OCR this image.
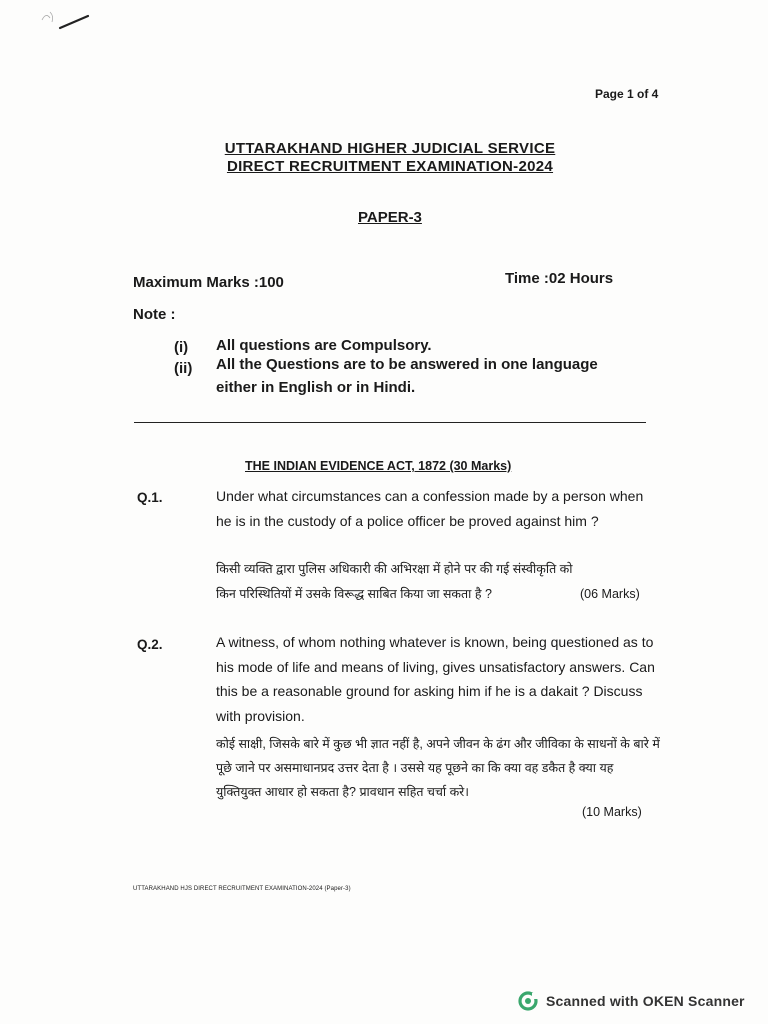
Page 1 of 4
UTTARAKHAND HIGHER JUDICIAL SERVICE
DIRECT RECRUITMENT EXAMINATION-2024
PAPER-3
Maximum Marks :100	Time :02 Hours
Note :
(i) All questions are Compulsory.
(ii) All the Questions are to be answered in one language
either in English or in Hindi.
THE INDIAN EVIDENCE ACT, 1872 (30 Marks)
Q.1.	Under what circumstances can a confession made by a person when he is in the custody of a police officer be proved against him ?
किसी व्यक्ति द्वारा पुलिस अधिकारी की अभिरक्षा में होने पर की गई संस्वीकृति को
किन परिस्थितियों में उसके विरूद्ध साबित किया जा सकता है ?	(06 Marks)
Q.2.	A witness, of whom nothing whatever is known, being questioned as to his mode of life and means of living, gives unsatisfactory answers. Can this be a reasonable ground for asking him if he is a dakait ? Discuss with provision.
कोई साक्षी, जिसके बारे में कुछ भी ज्ञात नहीं है, अपने जीवन के ढंग और जीविका के साधनों के बारे में पूछे जाने पर असमाधानप्रद उत्तर देता है । उससे यह पूछने का कि क्या वह डकैत है क्या यह युक्तियुक्त आधार हो सकता है? प्रावधान सहित चर्चा करे।
(10 Marks)
UTTARAKHAND HJS DIRECT RECRUITMENT EXAMINATION-2024 (Paper-3)
Scanned with OKEN Scanner
